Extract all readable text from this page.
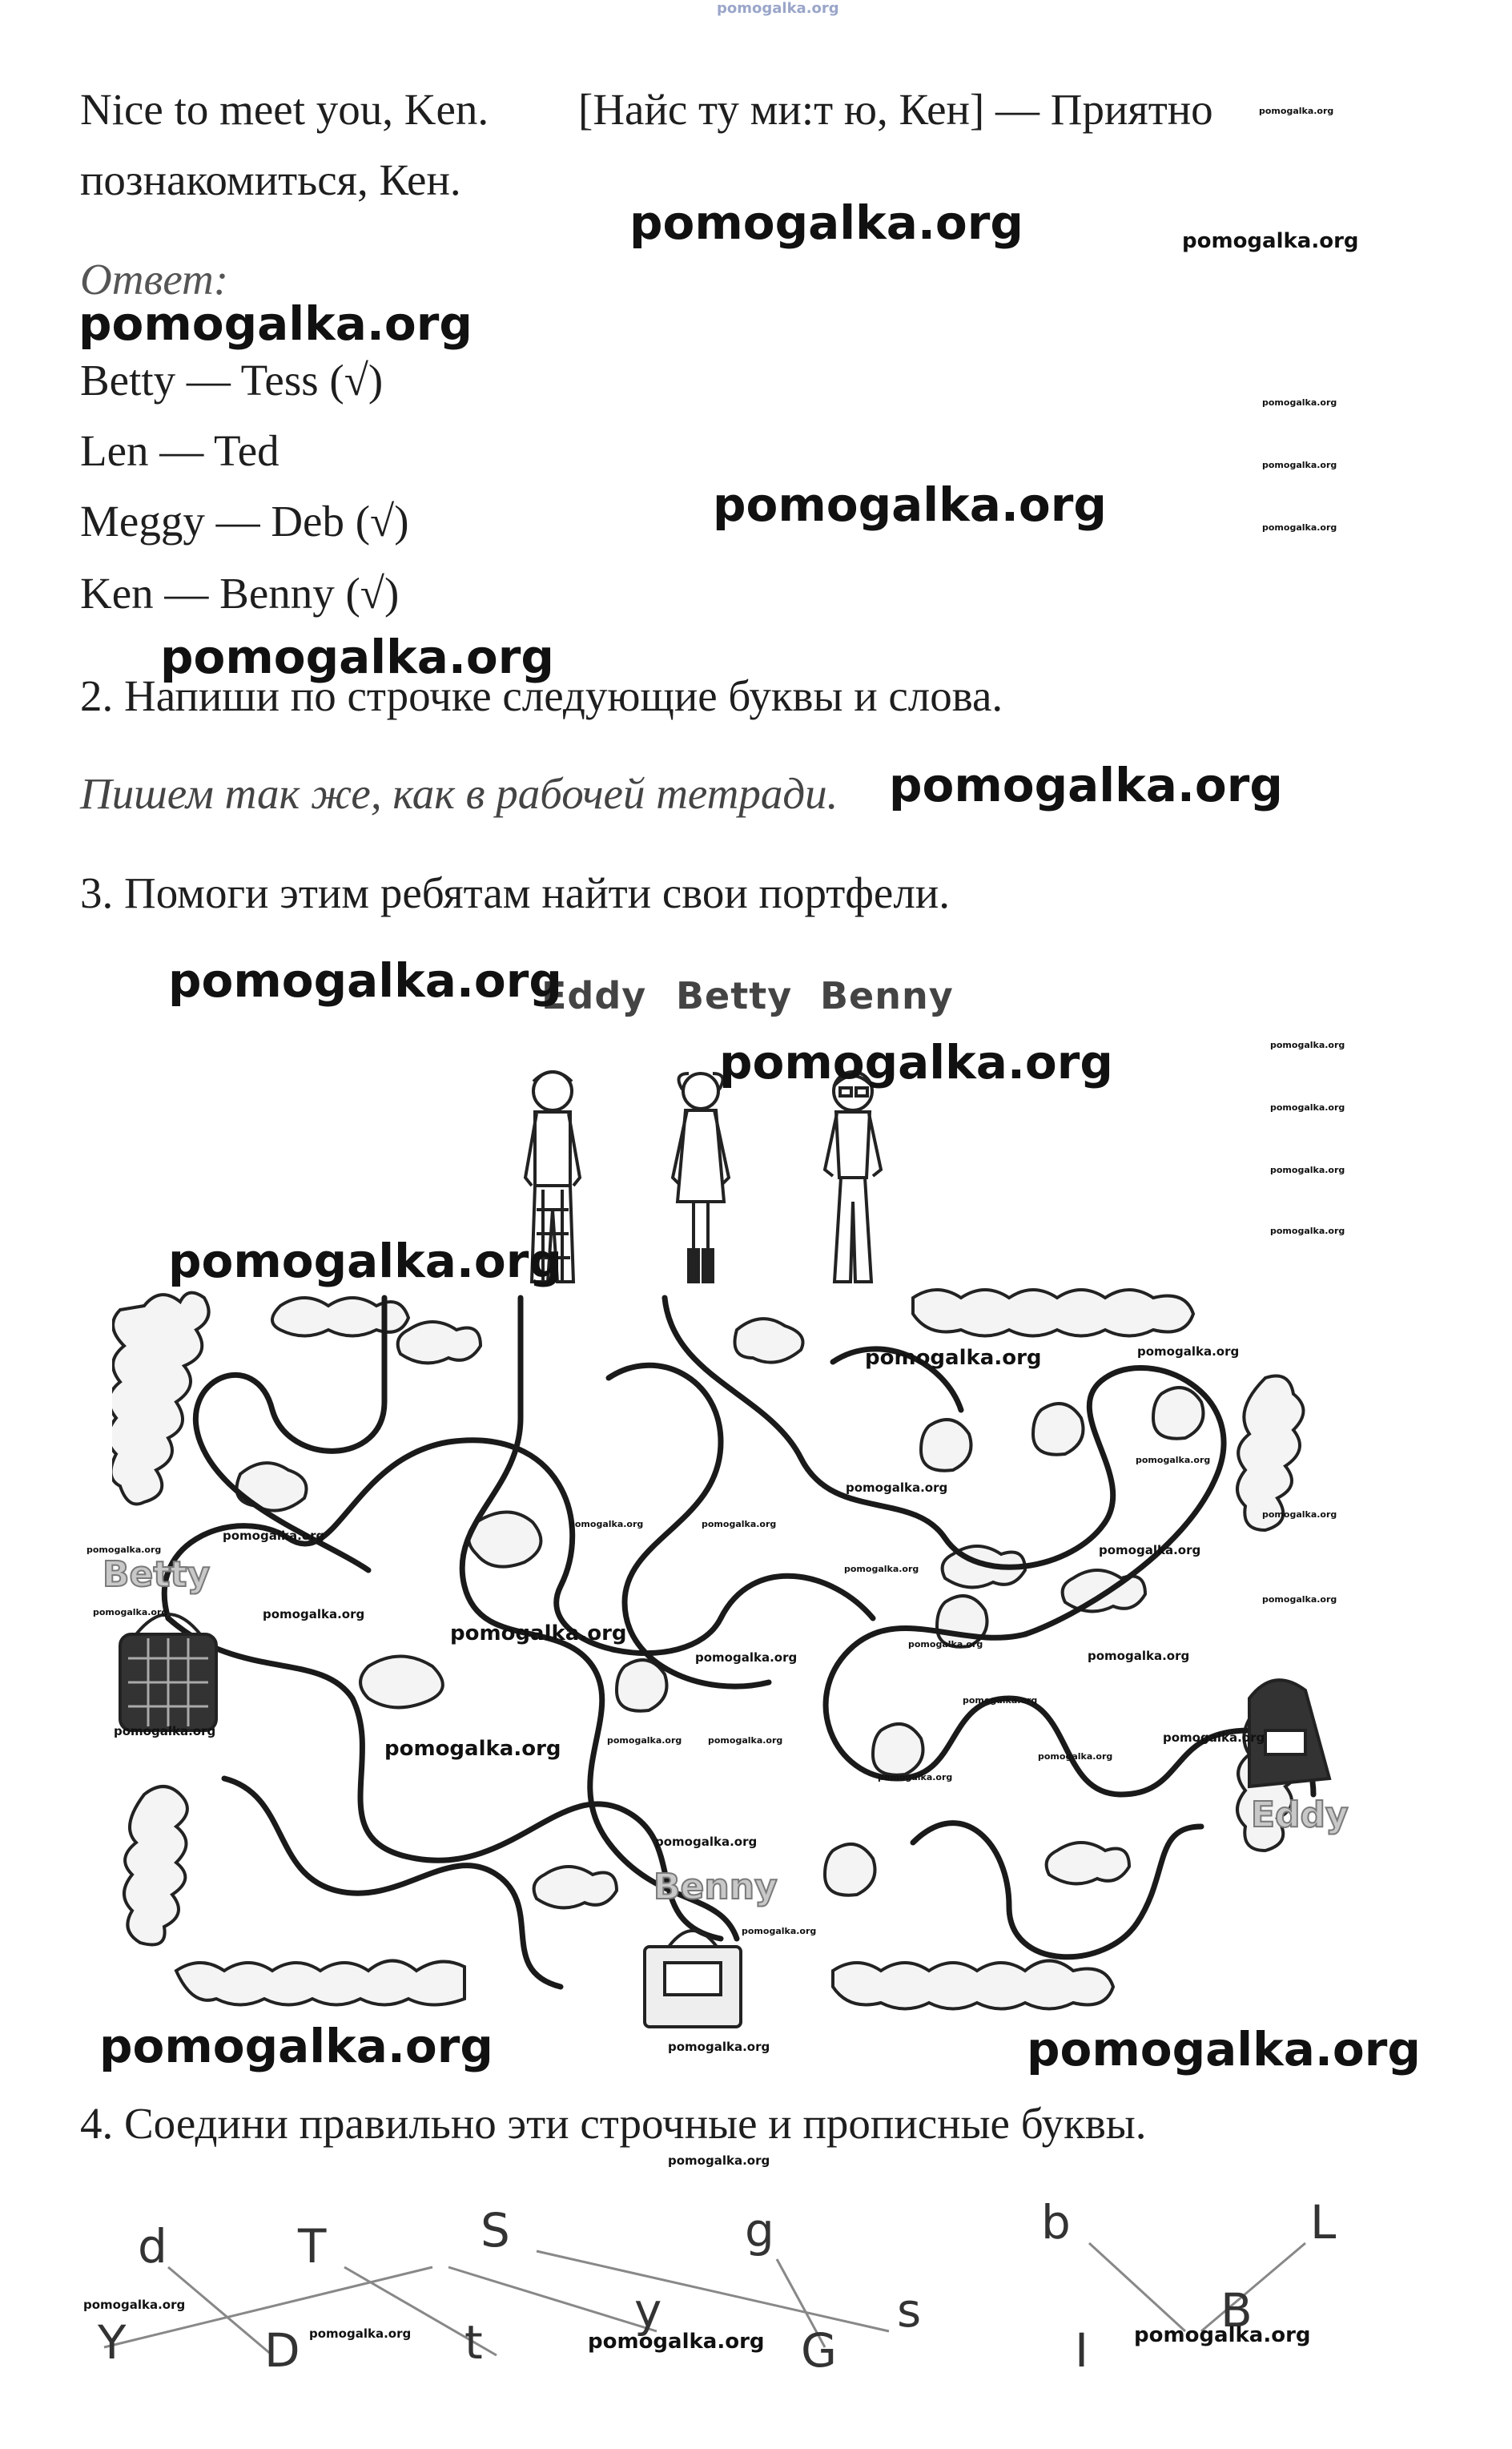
pomogalka.org
Nice to meet you, Ken. [Найс ту ми:т ю, Кен] — Приятно
познакомиться, Кен.
Ответ:
Betty — Tess (√)
Len — Ted
Meggy — Deb (√)
Ken — Benny (√)
2. Напиши по строчке следующие буквы и слова.
Пишем так же, как в рабочей тетради.
3. Помоги этим ребятам найти свои портфели.
Eddy Betty Benny
Betty
Eddy
Benny
4. Соедини правильно эти строчные и прописные буквы.
d	T	S	g
Y	D	t
y
G
s
b	L
B
I
pomogalka.org
pomogalka.org
pomogalka.org
pomogalka.org
pomogalka.org
pomogalka.org
pomogalka.org
pomogalka.org
pomogalka.org	pomogalka.org
pomogalka.org
pomogalka.org
pomogalka.org
pomogalka.org
pomogalka.org	pomogalka.org
pomogalka.org
pomogalka.org
pomogalka.org
pomogalka.org
pomogalka.org
pomogalka.org	pomogalka.org
pomogalka.org	pomogalka.org
pomogalka.org
pomogalka.org
pomogalka.org
pomogalka.org
pomogalka.org
pomogalka.org
pomogalka.org
pomogalka.org
pomogalka.org
pomogalka.org
pomogalka.org
pomogalka.org
pomogalka.org
pomogalka.org
pomogalka.org
pomogalka.org
pomogalka.org
pomogalka.org
pomogalka.org	pomogalka.org
pomogalka.org
pomogalka.org
pomogalka.org
pomogalka.org	pomogalka.org
pomogalka.org
pomogalka.org
pomogalka.org
